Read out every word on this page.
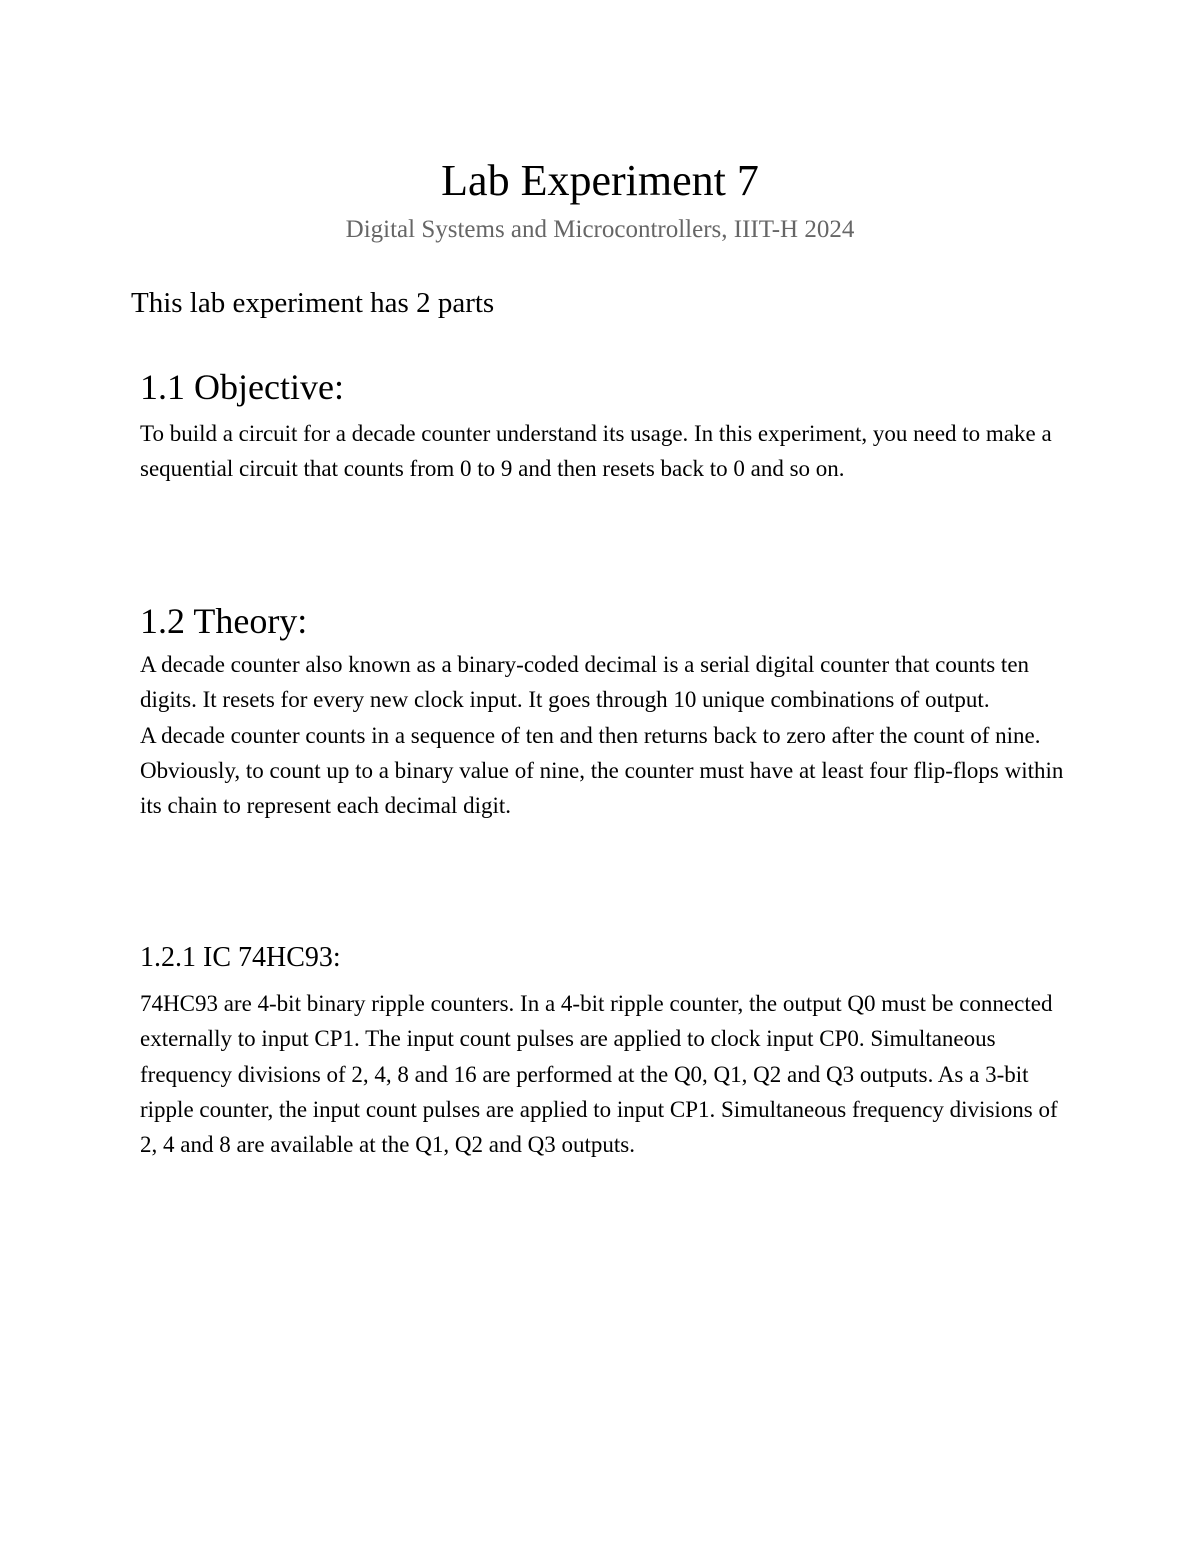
Lab Experiment 7
Digital Systems and Microcontrollers, IIIT-H 2024
This lab experiment has 2 parts
1.1 Objective:

To build a circuit for a decade counter understand its usage. In this experiment, you need to make a sequential circuit that counts from 0 to 9 and then resets back to 0 and so on.

1.2 Theory:

A decade counter also known as a binary-coded decimal is a serial digital counter that counts ten digits. It resets for every new clock input. It goes through 10 unique combinations of output.

A decade counter counts in a sequence of ten and then returns back to zero after the count of nine. Obviously, to count up to a binary value of nine, the counter must have at least four flip-flops within its chain to represent each decimal digit.

1.2.1 IC 74HC93:

74HC93 are 4-bit binary ripple counters. In a 4-bit ripple counter, the output Q0 must be connected externally to input CP1. The input count pulses are applied to clock input CP0. Simultaneous frequency divisions of 2, 4, 8 and 16 are performed at the Q0, Q1, Q2 and Q3 outputs. As a 3-bit ripple counter, the input count pulses are applied to input CP1. Simultaneous frequency divisions of 2, 4 and 8 are available at the Q1, Q2 and Q3 outputs.
